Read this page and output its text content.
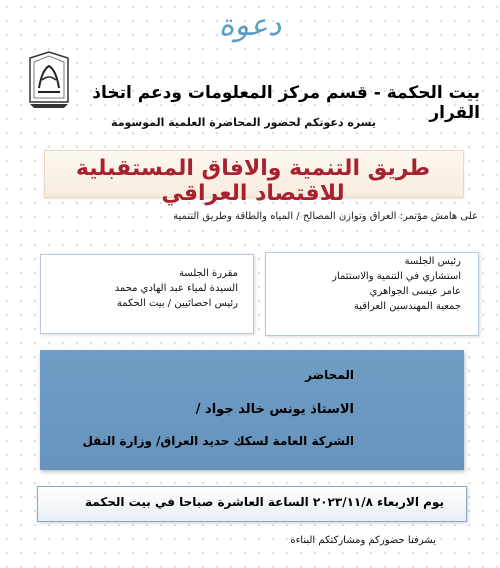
دعوة
بيت الحكمة - قسم مركز المعلومات ودعم اتخاذ القرار
يسره دعوتكم لحضور المحاضرة العلمية الموسومة
طريق التنمية والافاق المستقبلية للاقتصاد العراقي
على هامش مؤتمر: العراق وتوازن المصالح / المياه والطاقة وطريق التنمية
رئيس الجلسة
استشاري في التنمية والاستثمار
عامر عيسى الجواهري
جمعية المهندسين العراقية
مقررة الجلسة
السيدة لمياء عبد الهادي محمد
رئيس احصائيين / بيت الحكمة
المحاضر
الاستاذ يونس خالد جواد /
الشركة العامة لسكك حديد العراق/ وزارة النقل
يوم الاربعاء ٢٠٢٣/١١/٨ الساعة العاشرة صباحا في بيت الحكمة
يشرفنا حضوركم ومشاركتكم البناءة
